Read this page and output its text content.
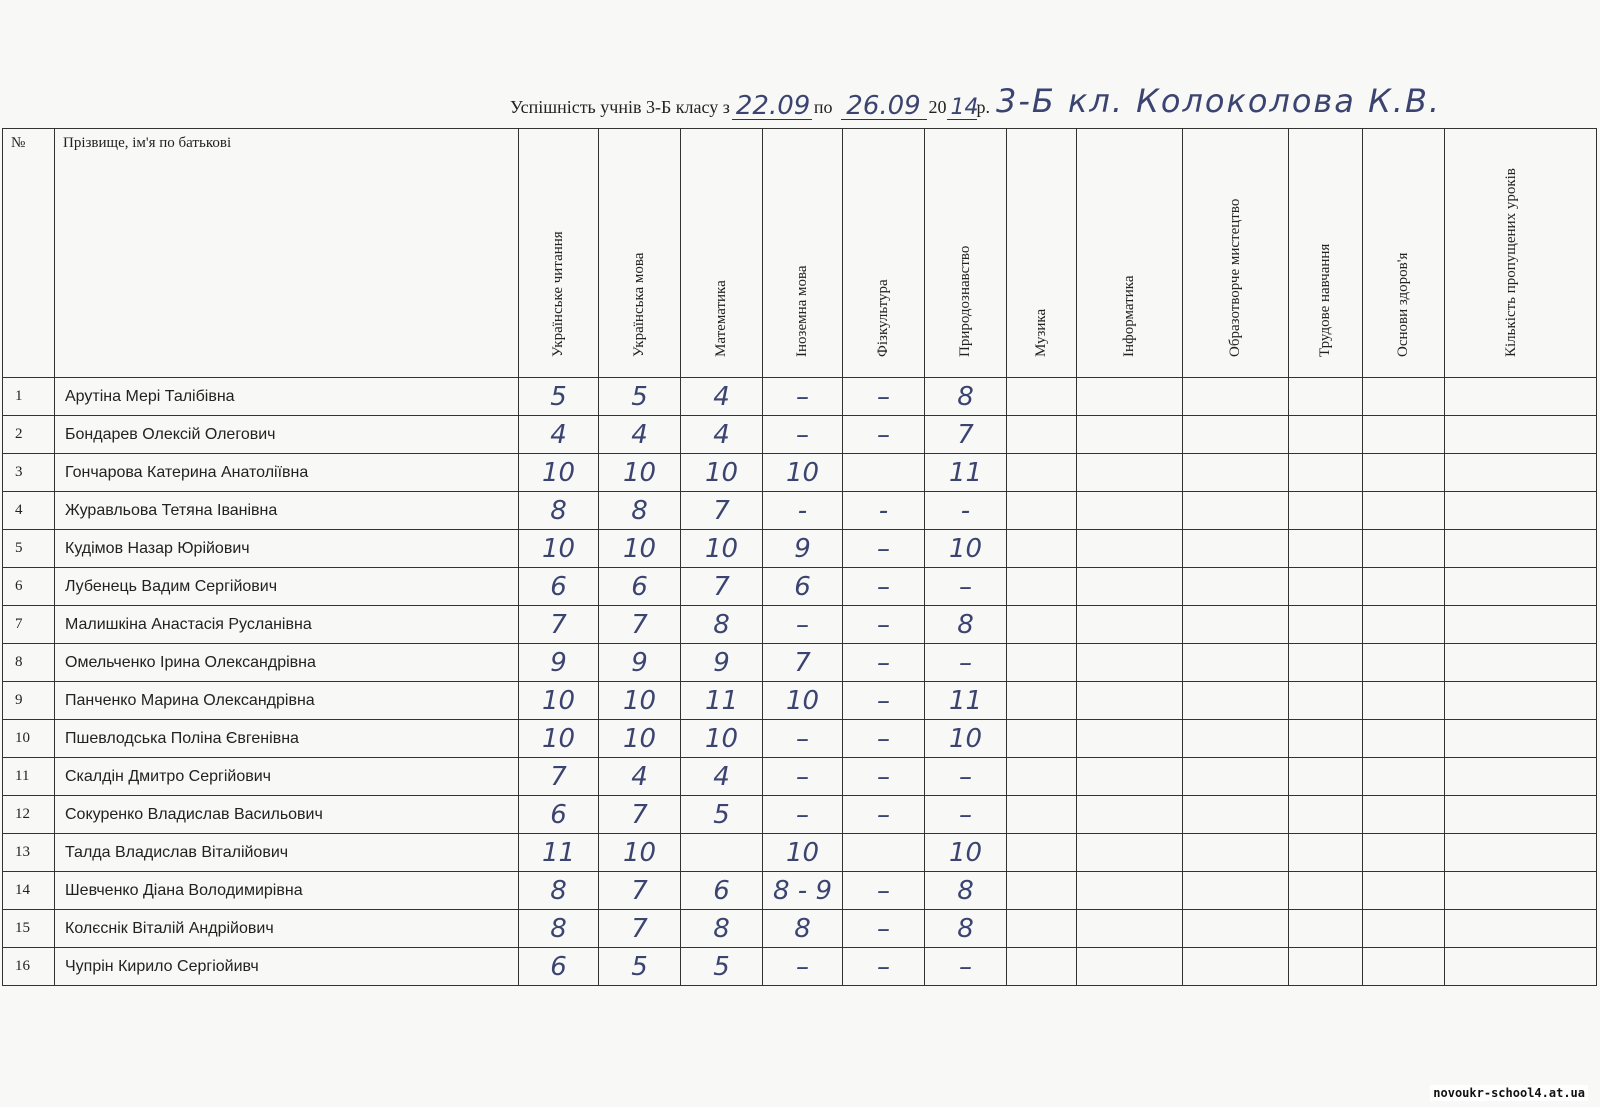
Успішність учнів 3-Б класу з 22.09 по 26.09 20 14
р. 3-Б кл. Колоколова К.В.
№	Прізвище, ім'я по батькові	Українське читання	Українська мова	Математика	Іноземна мова	Фізкультура	Природознавство	Музика	Інформатика	Образотворче мистецтво	Трудове навчання	Основи здоров'я	Кількість пропущених уроків

1	Арутіна Мері Талібівна	5	5	4	–	–	8						
2	Бондарев Олексій Олегович	4	4	4	–	–	7						
3	Гончарова Катерина Анатоліївна	10	10	10	10		11						
4	Журавльова Тетяна Іванівна	8	8	7	-	-	-						
5	Кудімов Назар Юрійович	10	10	10	9	–	10						
6	Лубенець Вадим Сергійович	6	6	7	6	–	–						
7	Малишкіна Анастасія Русланівна	7	7	8	–	–	8						
8	Омельченко Ірина Олександрівна	9	9	9	7	–	–						
9	Панченко Марина Олександрівна	10	10	11	10	–	11						
10	Пшевлодська Поліна Євгенівна	10	10	10	–	–	10						
11	Скалдін Дмитро Сергійович	7	4	4	–	–	–						
12	Сокуренко Владислав Васильович	6	7	5	–	–	–						
13	Талда Владислав Віталійович	11	10		10		10						
14	Шевченко Діана Володимирівна	8	7	6	8 - 9	–	8						
15	Колєснік Віталій Андрійович	8	7	8	8	–	8						
16	Чупрін Кирило Сергіойивч	6	5	5	–	–	–						
novoukr-school4.at.ua
